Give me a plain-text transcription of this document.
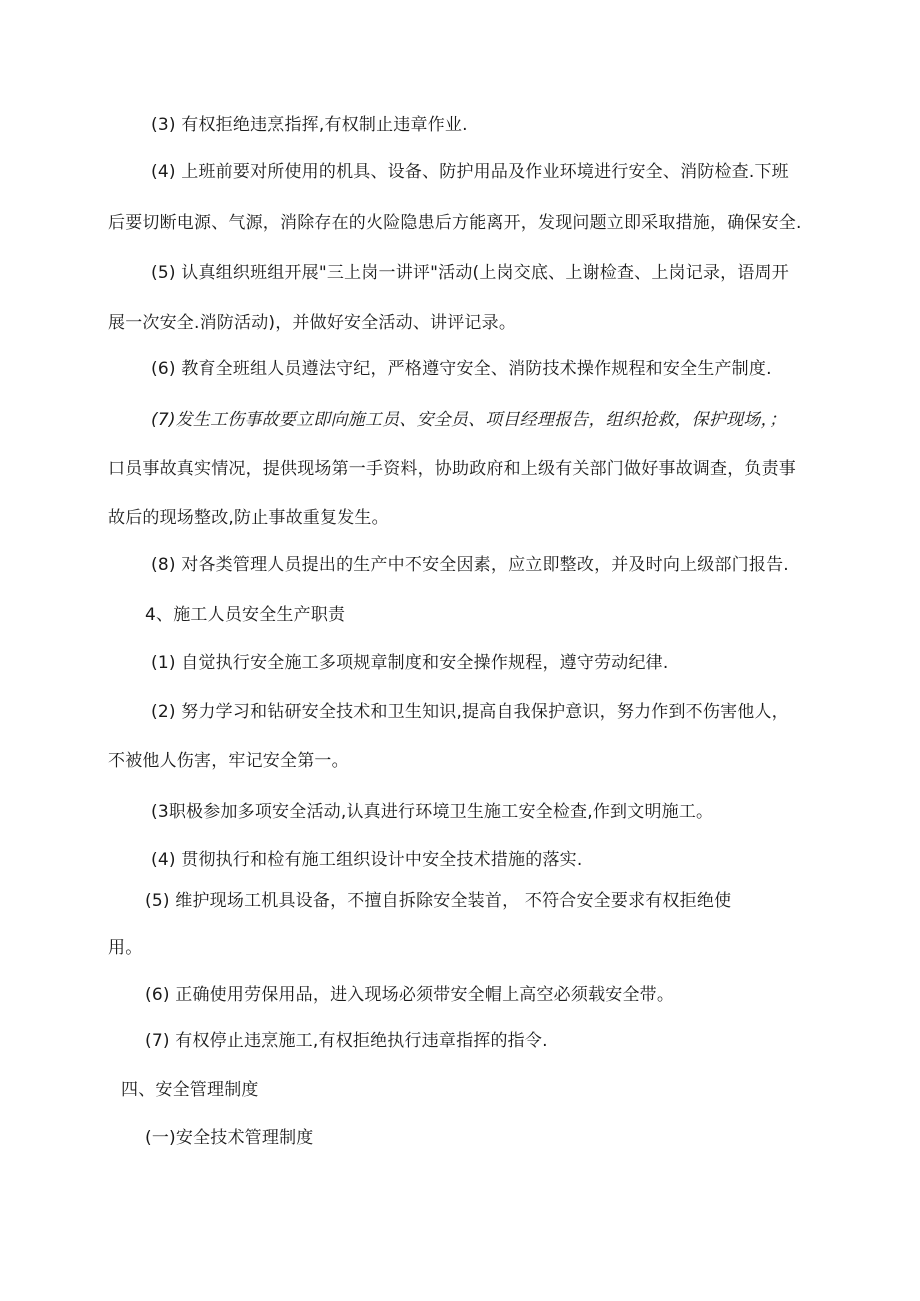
(3) 有权拒绝违烹指挥,有权制止违章作业.
(4) 上班前要对所使用的机具、设备、防护用品及作业环境进行安全、消防检查.下班
后要切断电源、气源，消除存在的火险隐患后方能离开，发现问题立即采取措施，确保安全.
(5) 认真组织班组开展"三上岗一讲评"活动(上岗交底、上谢检查、上岗记录，语周开
展一次安全.消防活动)，并做好安全活动、讲评记录。
(6) 教育全班组人员遵法守纪，严格遵守安全、消防技术操作规程和安全生产制度.
(7)发生工伤事故要立即向施工员、安全员、项目经理报告，组织抢救，保护现场，；
口员事故真实情况，提供现场第一手资料，协助政府和上级有关部门做好事故调查，负责事
故后的现场整改,防止事故重复发生。
(8) 对各类管理人员提出的生产中不安全因素，应立即整改，并及时向上级部门报告.
4、施工人员安全生产职责
(1) 自觉执行安全施工多项规章制度和安全操作规程，遵守劳动纪律.
(2) 努力学习和钻研安全技术和卫生知识,提高自我保护意识，努力作到不伤害他人，
不被他人伤害，牢记安全第一。
(3职极参加多项安全活动,认真进行环境卫生施工安全检查,作到文明施工。
(4) 贯彻执行和检有施工组织设计中安全技术措施的落实.
(5) 维护现场工机具设备，不擅自拆除安全装首， 不符合安全要求有权拒绝使
用。
(6) 正确使用劳保用品，进入现场必须带安全帽上高空必须载安全带。
(7) 有权停止违烹施工,有权拒绝执行违章指挥的指令.
四、安全管理制度
(一)安全技术管理制度
